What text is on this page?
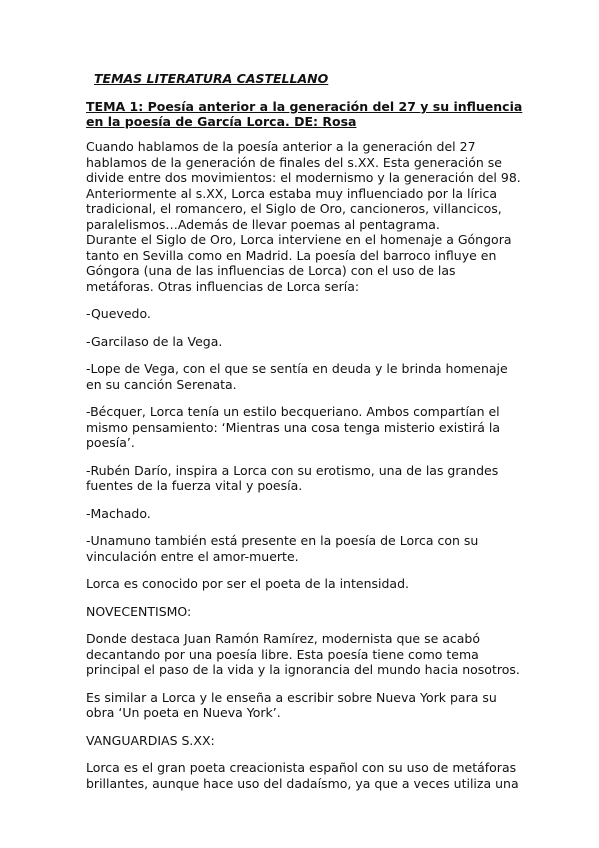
TEMAS LITERATURA CASTELLANO
TEMA 1: Poesía anterior a la generación del 27 y su influencia
en la poesía de García Lorca. DE: Rosa
Cuando hablamos de la poesía anterior a la generación del 27
hablamos de la generación de finales del s.XX. Esta generación se
divide entre dos movimientos: el modernismo y la generación del 98.
Anteriormente al s.XX, Lorca estaba muy influenciado por la lírica
tradicional, el romancero, el Siglo de Oro, cancioneros, villancicos,
paralelismos…Además de llevar poemas al pentagrama.
Durante el Siglo de Oro, Lorca interviene en el homenaje a Góngora
tanto en Sevilla como en Madrid. La poesía del barroco influye en
Góngora (una de las influencias de Lorca) con el uso de las
metáforas. Otras influencias de Lorca sería:
-Quevedo.
-Garcilaso de la Vega.
-Lope de Vega, con el que se sentía en deuda y le brinda homenaje
en su canción Serenata.
-Bécquer, Lorca tenía un estilo becqueriano. Ambos compartían el
mismo pensamiento: ‘Mientras una cosa tenga misterio existirá la
poesía’.
-Rubén Darío, inspira a Lorca con su erotismo, una de las grandes
fuentes de la fuerza vital y poesía.
-Machado.
-Unamuno también está presente en la poesía de Lorca con su
vinculación entre el amor-muerte.
Lorca es conocido por ser el poeta de la intensidad.
NOVECENTISMO:
Donde destaca Juan Ramón Ramírez, modernista que se acabó
decantando por una poesía libre. Esta poesía tiene como tema
principal el paso de la vida y la ignorancia del mundo hacia nosotros.
Es similar a Lorca y le enseña a escribir sobre Nueva York para su
obra ‘Un poeta en Nueva York’.
VANGUARDIAS S.XX:
Lorca es el gran poeta creacionista español con su uso de metáforas
brillantes, aunque hace uso del dadaísmo, ya que a veces utiliza una
